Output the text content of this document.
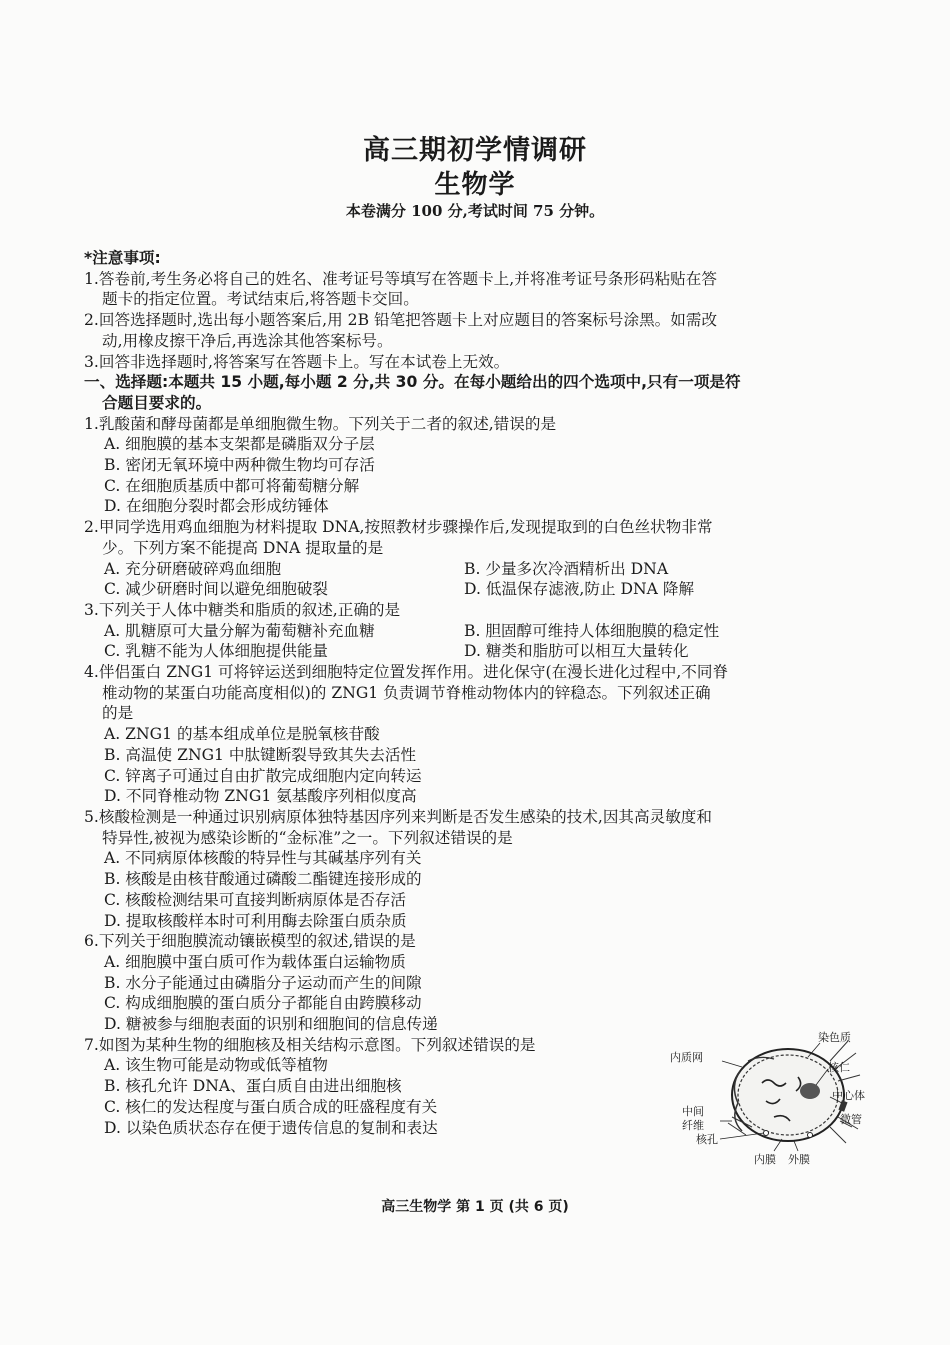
高三期初学情调研
生物学
本卷满分 100 分,考试时间 75 分钟。
*注意事项:
1.答卷前,考生务必将自己的姓名、准考证号等填写在答题卡上,并将准考证号条形码粘贴在答
题卡的指定位置。考试结束后,将答题卡交回。
2.回答选择题时,选出每小题答案后,用 2B 铅笔把答题卡上对应题目的答案标号涂黑。如需改
动,用橡皮擦干净后,再选涂其他答案标号。
3.回答非选择题时,将答案写在答题卡上。写在本试卷上无效。
一、选择题:本题共 15 小题,每小题 2 分,共 30 分。在每小题给出的四个选项中,只有一项是符
合题目要求的。
1.乳酸菌和酵母菌都是单细胞微生物。下列关于二者的叙述,错误的是
A. 细胞膜的基本支架都是磷脂双分子层
B. 密闭无氧环境中两种微生物均可存活
C. 在细胞质基质中都可将葡萄糖分解
D. 在细胞分裂时都会形成纺锤体
2.甲同学选用鸡血细胞为材料提取 DNA,按照教材步骤操作后,发现提取到的白色丝状物非常
少。下列方案不能提高 DNA 提取量的是
A. 充分研磨破碎鸡血细胞	B. 少量多次冷酒精析出 DNA
C. 减少研磨时间以避免细胞破裂	D. 低温保存滤液,防止 DNA 降解
3.下列关于人体中糖类和脂质的叙述,正确的是
A. 肌糖原可大量分解为葡萄糖补充血糖	B. 胆固醇可维持人体细胞膜的稳定性
C. 乳糖不能为人体细胞提供能量	D. 糖类和脂肪可以相互大量转化
4.伴侣蛋白 ZNG1 可将锌运送到细胞特定位置发挥作用。进化保守(在漫长进化过程中,不同脊
椎动物的某蛋白功能高度相似)的 ZNG1 负责调节脊椎动物体内的锌稳态。下列叙述正确
的是
A. ZNG1 的基本组成单位是脱氧核苷酸
B. 高温使 ZNG1 中肽键断裂导致其失去活性
C. 锌离子可通过自由扩散完成细胞内定向转运
D. 不同脊椎动物 ZNG1 氨基酸序列相似度高
5.核酸检测是一种通过识别病原体独特基因序列来判断是否发生感染的技术,因其高灵敏度和
特异性,被视为感染诊断的“金标准”之一。下列叙述错误的是
A. 不同病原体核酸的特异性与其碱基序列有关
B. 核酸是由核苷酸通过磷酸二酯键连接形成的
C. 核酸检测结果可直接判断病原体是否存活
D. 提取核酸样本时可利用酶去除蛋白质杂质
6.下列关于细胞膜流动镶嵌模型的叙述,错误的是
A. 细胞膜中蛋白质可作为载体蛋白运输物质
B. 水分子能通过由磷脂分子运动而产生的间隙
C. 构成细胞膜的蛋白质分子都能自由跨膜移动
D. 糖被参与细胞表面的识别和细胞间的信息传递
7.如图为某种生物的细胞核及相关结构示意图。下列叙述错误的是
A. 该生物可能是动物或低等植物
B. 核孔允许 DNA、蛋白质自由进出细胞核
C. 核仁的发达程度与蛋白质合成的旺盛程度有关
D. 以染色质状态存在便于遗传信息的复制和表达
内质网
染色质
核仁
中心体
微管
中间
纤维
核孔
内膜 外膜
高三生物学 第 1 页 (共 6 页)
